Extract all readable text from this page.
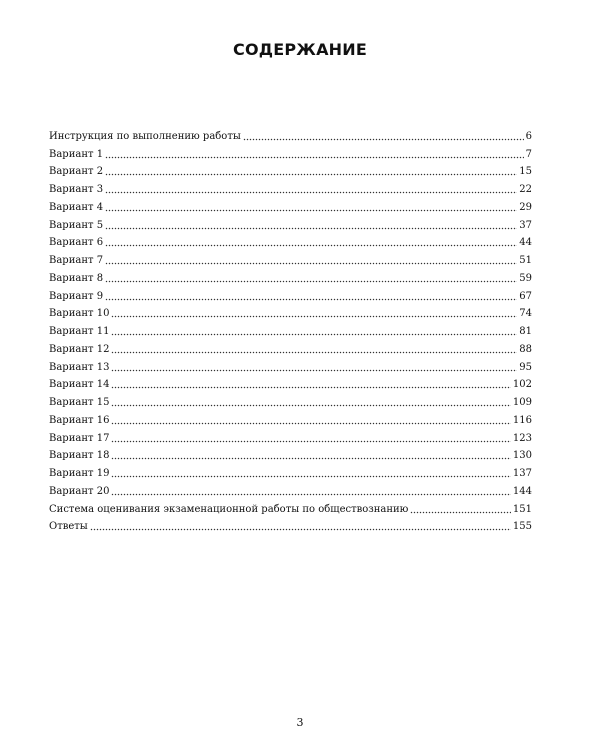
СОДЕРЖАНИЕ
Инструкция по выполнению работы	6
Вариант 1	7
Вариант 2	15
Вариант 3	22
Вариант 4	29
Вариант 5	37
Вариант 6	44
Вариант 7	51
Вариант 8	59
Вариант 9	67
Вариант 10	74
Вариант 11	81
Вариант 12	88
Вариант 13	95
Вариант 14	102
Вариант 15	109
Вариант 16	116
Вариант 17	123
Вариант 18	130
Вариант 19	137
Вариант 20	144
Система оценивания экзаменационной работы по обществознанию	151
Ответы	155
3
